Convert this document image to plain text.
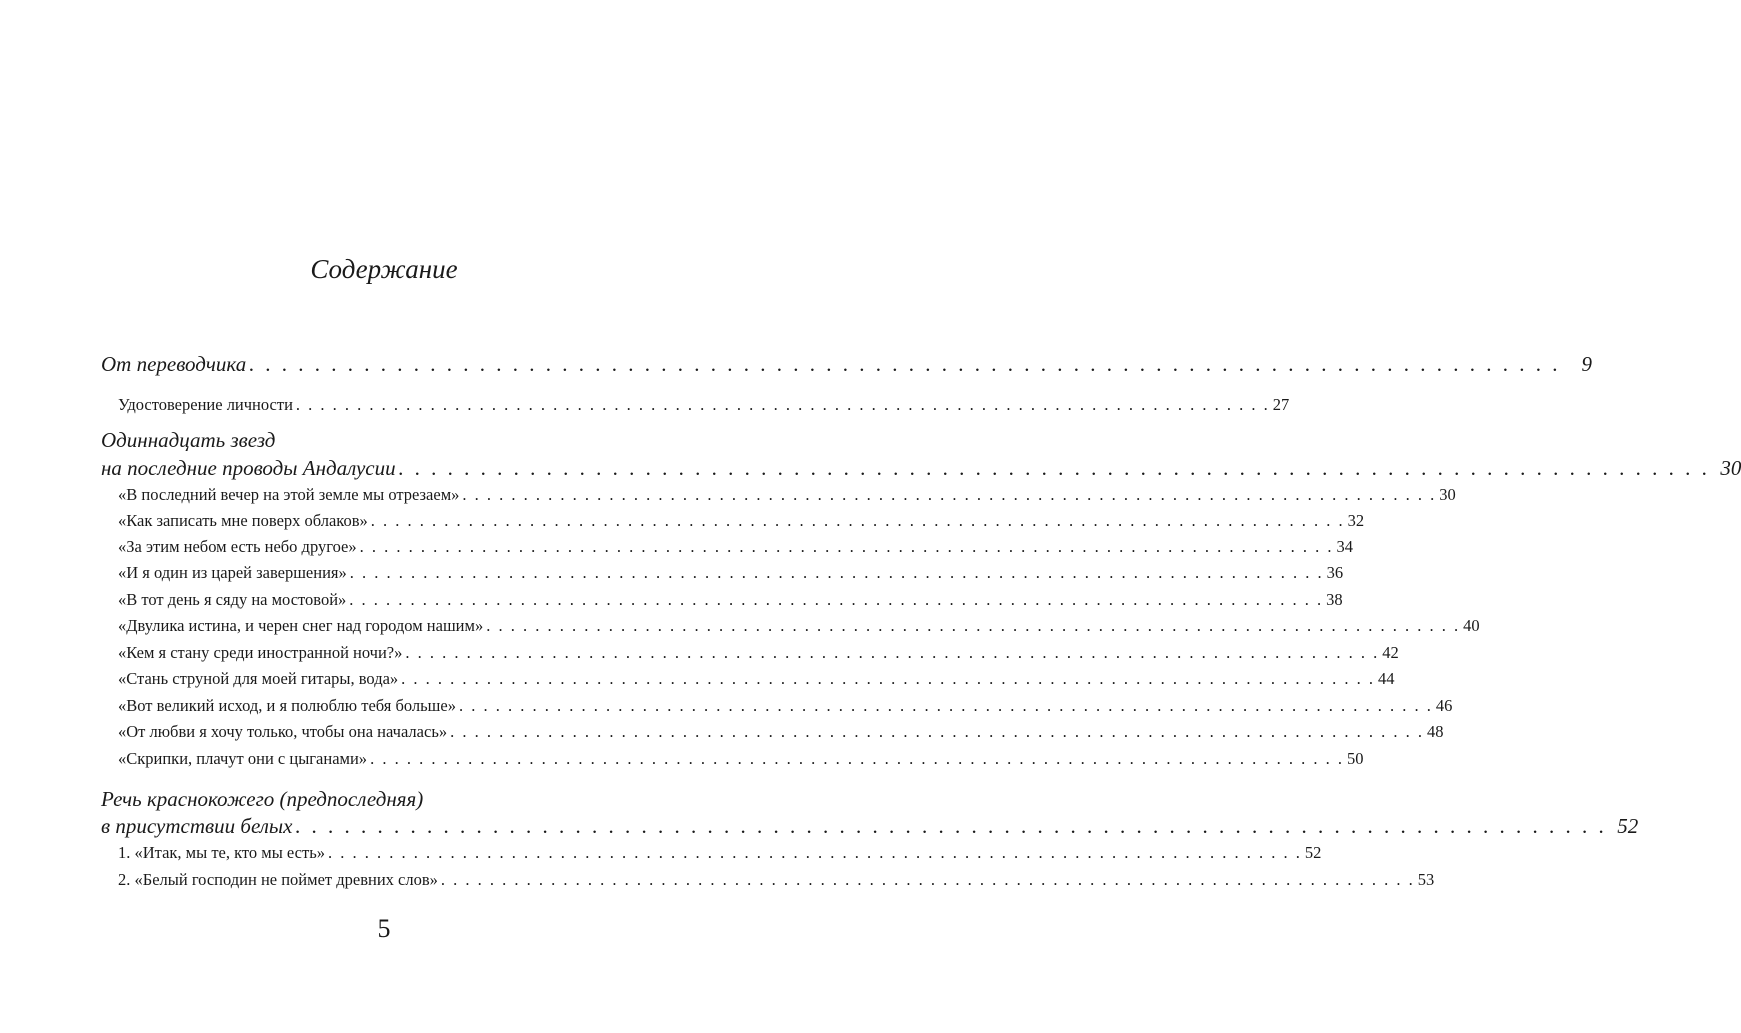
Содержание
От переводчика . . . . . . . . . . . . . . . . . . . . . . . . . . . . . . . . . . . . . . . . . . . . . . . . . . . . . . . . . . . . . . . . . . . . . . . . . . . . . . . . 9
Удостоверение личности . . . . . . . . . . . . . . . . . . . . . . . . . . . . . . . . . . . . . . . . . . . . . . . . . . . . . . . . . . . . . . . . . . . . . . . . . . . . . . . . 27
Одиннадцать звезд
на последние проводы Андалусии . . . . . . . . . . . . . . . . . . . . . . . . . . . . . . . . . . . . . . . . . . . . . . . . . . . . . . . . . . . . . . . . . . . . . . . . . . . . . . . . 30
«В последний вечер на этой земле мы отрезаем» . . . . . . . . . . . . . . . . . . . . . . . . . . . . . . . . . . . . . . . . . . . . . . . . . . . . . . . . . . . . . . . . . . . . . . . . . . . . . . . . 30
«Как записать мне поверх облаков» . . . . . . . . . . . . . . . . . . . . . . . . . . . . . . . . . . . . . . . . . . . . . . . . . . . . . . . . . . . . . . . . . . . . . . . . . . . . . . . . 32
«За этим небом есть небо другое» . . . . . . . . . . . . . . . . . . . . . . . . . . . . . . . . . . . . . . . . . . . . . . . . . . . . . . . . . . . . . . . . . . . . . . . . . . . . . . . . 34
«И я один из царей завершения» . . . . . . . . . . . . . . . . . . . . . . . . . . . . . . . . . . . . . . . . . . . . . . . . . . . . . . . . . . . . . . . . . . . . . . . . . . . . . . . . 36
«В тот день я сяду на мостовой» . . . . . . . . . . . . . . . . . . . . . . . . . . . . . . . . . . . . . . . . . . . . . . . . . . . . . . . . . . . . . . . . . . . . . . . . . . . . . . . . 38
«Двулика истина, и черен снег над городом нашим» . . . . . . . . . . . . . . . . . . . . . . . . . . . . . . . . . . . . . . . . . . . . . . . . . . . . . . . . . . . . . . . . . . . . . . . . . . . . . . . . 40
«Кем я стану среди иностранной ночи?» . . . . . . . . . . . . . . . . . . . . . . . . . . . . . . . . . . . . . . . . . . . . . . . . . . . . . . . . . . . . . . . . . . . . . . . . . . . . . . . . 42
«Стань струной для моей гитары, вода» . . . . . . . . . . . . . . . . . . . . . . . . . . . . . . . . . . . . . . . . . . . . . . . . . . . . . . . . . . . . . . . . . . . . . . . . . . . . . . . . 44
«Вот великий исход, и я полюблю тебя больше» . . . . . . . . . . . . . . . . . . . . . . . . . . . . . . . . . . . . . . . . . . . . . . . . . . . . . . . . . . . . . . . . . . . . . . . . . . . . . . . . 46
«От любви я хочу только, чтобы она началась» . . . . . . . . . . . . . . . . . . . . . . . . . . . . . . . . . . . . . . . . . . . . . . . . . . . . . . . . . . . . . . . . . . . . . . . . . . . . . . . . 48
«Скрипки, плачут они с цыганами» . . . . . . . . . . . . . . . . . . . . . . . . . . . . . . . . . . . . . . . . . . . . . . . . . . . . . . . . . . . . . . . . . . . . . . . . . . . . . . . . 50
Речь краснокожего (предпоследняя)
в присутствии белых . . . . . . . . . . . . . . . . . . . . . . . . . . . . . . . . . . . . . . . . . . . . . . . . . . . . . . . . . . . . . . . . . . . . . . . . . . . . . . . . 52
1. «Итак, мы те, кто мы есть» . . . . . . . . . . . . . . . . . . . . . . . . . . . . . . . . . . . . . . . . . . . . . . . . . . . . . . . . . . . . . . . . . . . . . . . . . . . . . . . . 52
2. «Белый господин не поймет древних слов» . . . . . . . . . . . . . . . . . . . . . . . . . . . . . . . . . . . . . . . . . . . . . . . . . . . . . . . . . . . . . . . . . . . . . . . . . . . . . . . . 53
5
